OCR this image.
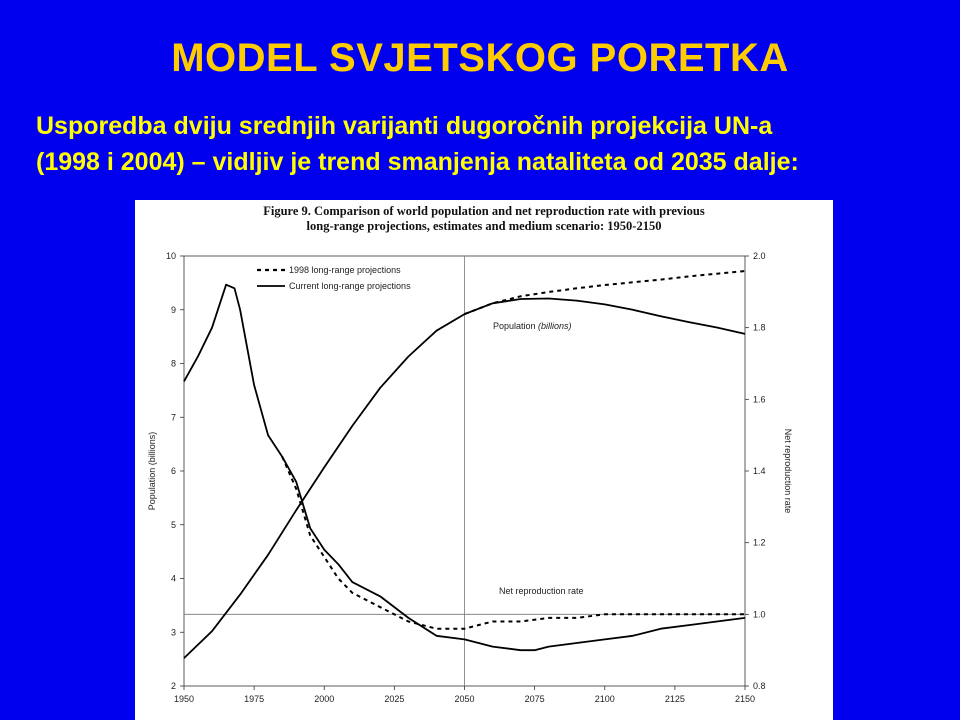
MODEL SVJETSKOG PORETKA
Usporedba dviju srednjih varijanti dugoročnih projekcija UN-a
(1998 i 2004) – vidljiv je trend smanjenja nataliteta od 2035 dalje:
Figure 9. Comparison of world population and net reproduction rate with previous
long-range projections, estimates and medium scenario: 1950-2150
1950	1975	2000	2025	2050	2075	2100	2125	2150
2
3
4
5
6
7
8
9
10
0.8
1.0
1.2
1.4
1.6
1.8
2.0
Population (billions)	Net reproduction rate
1998 long-range projections
Current long-range projections
Population (billions)
Net reproduction rate
